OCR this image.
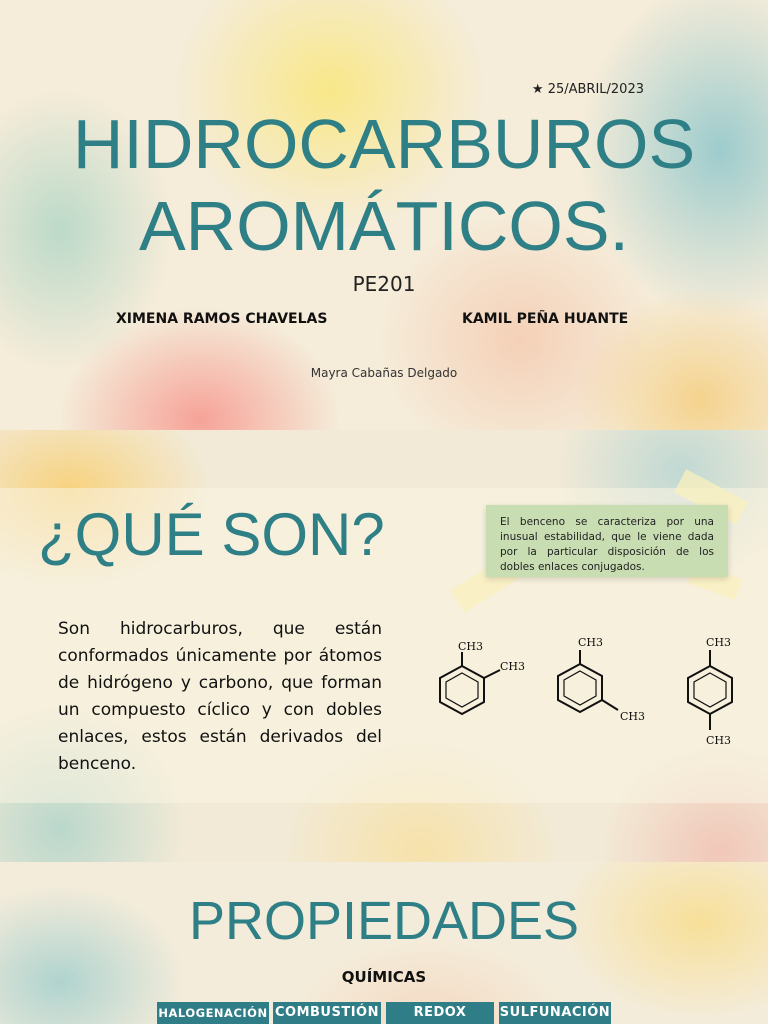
★ 25/ABRIL/2023
HIDROCARBUROS
AROMÁTICOS.
PE201
XIMENA RAMOS CHAVELAS	KAMIL PEÑA HUANTE
Mayra Cabañas Delgado
¿QUÉ SON?	El benceno se caracteriza por una inusual estabilidad, que le viene dada por la particular disposición de los dobles enlaces conjugados.
Son hidrocarburos, que están conformados únicamente por átomos de hidrógeno y carbono, que forman un compuesto cíclico y con dobles enlaces, estos están derivados del benceno.
CH3
CH3
CH3
CH3
CH3
CH3
PROPIEDADES
QUÍMICAS
HALOGENACIÓN COMBUSTIÓN	REDOX	SULFUNACIÓN
